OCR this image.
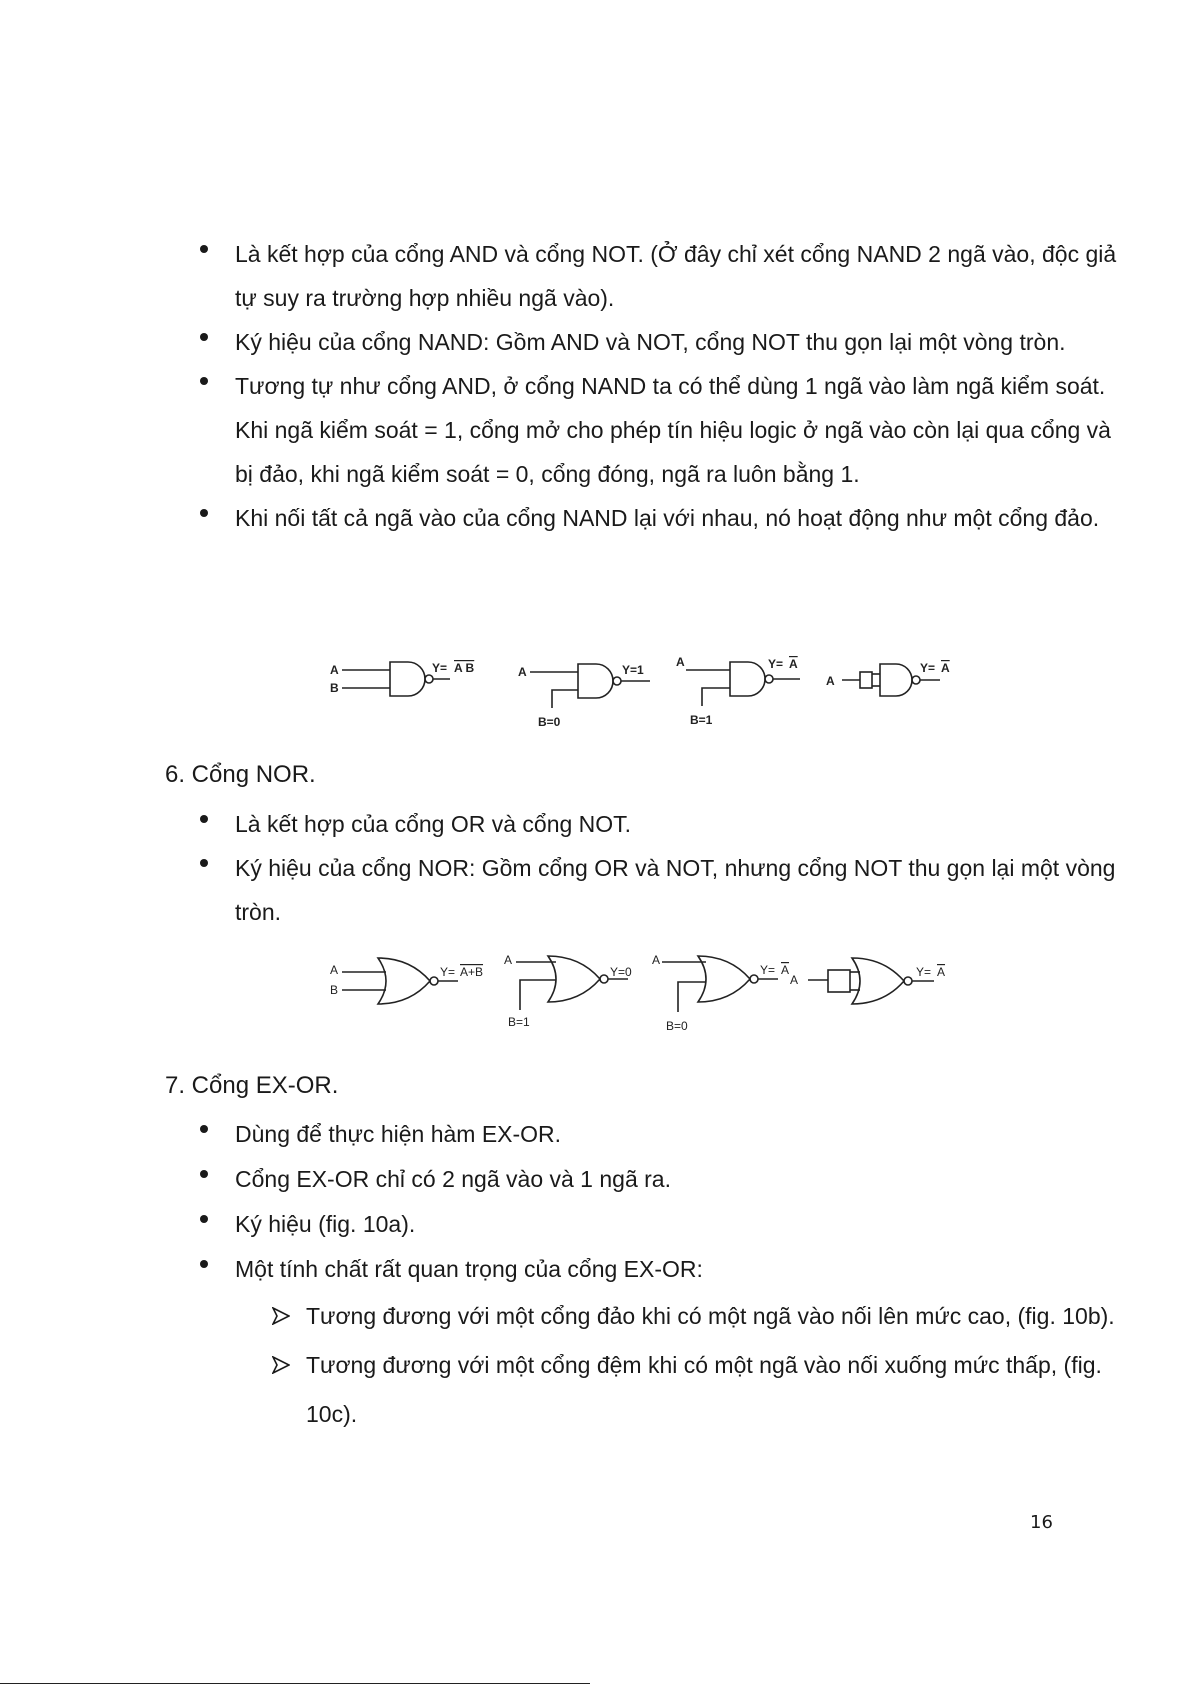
Là kết hợp của cổng AND và cổng NOT. (Ở đây chỉ xét cổng NAND 2 ngã vào, độc giả tự suy ra trường hợp nhiều ngã vào).
Ký hiệu của cổng NAND: Gồm AND và NOT, cổng NOT thu gọn lại một vòng tròn.
Tương tự như cổng AND, ở cổng NAND ta có thể dùng 1 ngã vào làm ngã kiểm soát. Khi ngã kiểm soát = 1, cổng mở cho phép tín hiệu logic ở ngã vào còn lại qua cổng và bị đảo, khi ngã kiểm soát = 0, cổng đóng, ngã ra luôn bằng 1.
Khi nối tất cả ngã vào của cổng NAND lại với nhau, nó hoạt động như một cổng đảo.
A
B
Y= A B	A
B=0
Y=1
A
B=1
Y= A
A
Y= A
6. Cổng NOR.
Là kết hợp của cổng OR và cổng NOT.
Ký hiệu của cổng NOR: Gồm cổng OR và NOT, nhưng cổng NOT thu gọn lại một vòng tròn.
A
B
Y= A+B
A
B=1
Y=0
A
B=0
Y= A
A
Y= A
7. Cổng EX-OR.
Dùng để thực hiện hàm EX-OR.
Cổng EX-OR chỉ có 2 ngã vào và 1 ngã ra.
Ký hiệu (fig. 10a).
Một tính chất rất quan trọng của cổng EX-OR:
Tương đương với một cổng đảo khi có một ngã vào nối lên mức cao, (fig. 10b).
Tương đương với một cổng đệm khi có một ngã vào nối xuống mức thấp, (fig. 10c).
16
